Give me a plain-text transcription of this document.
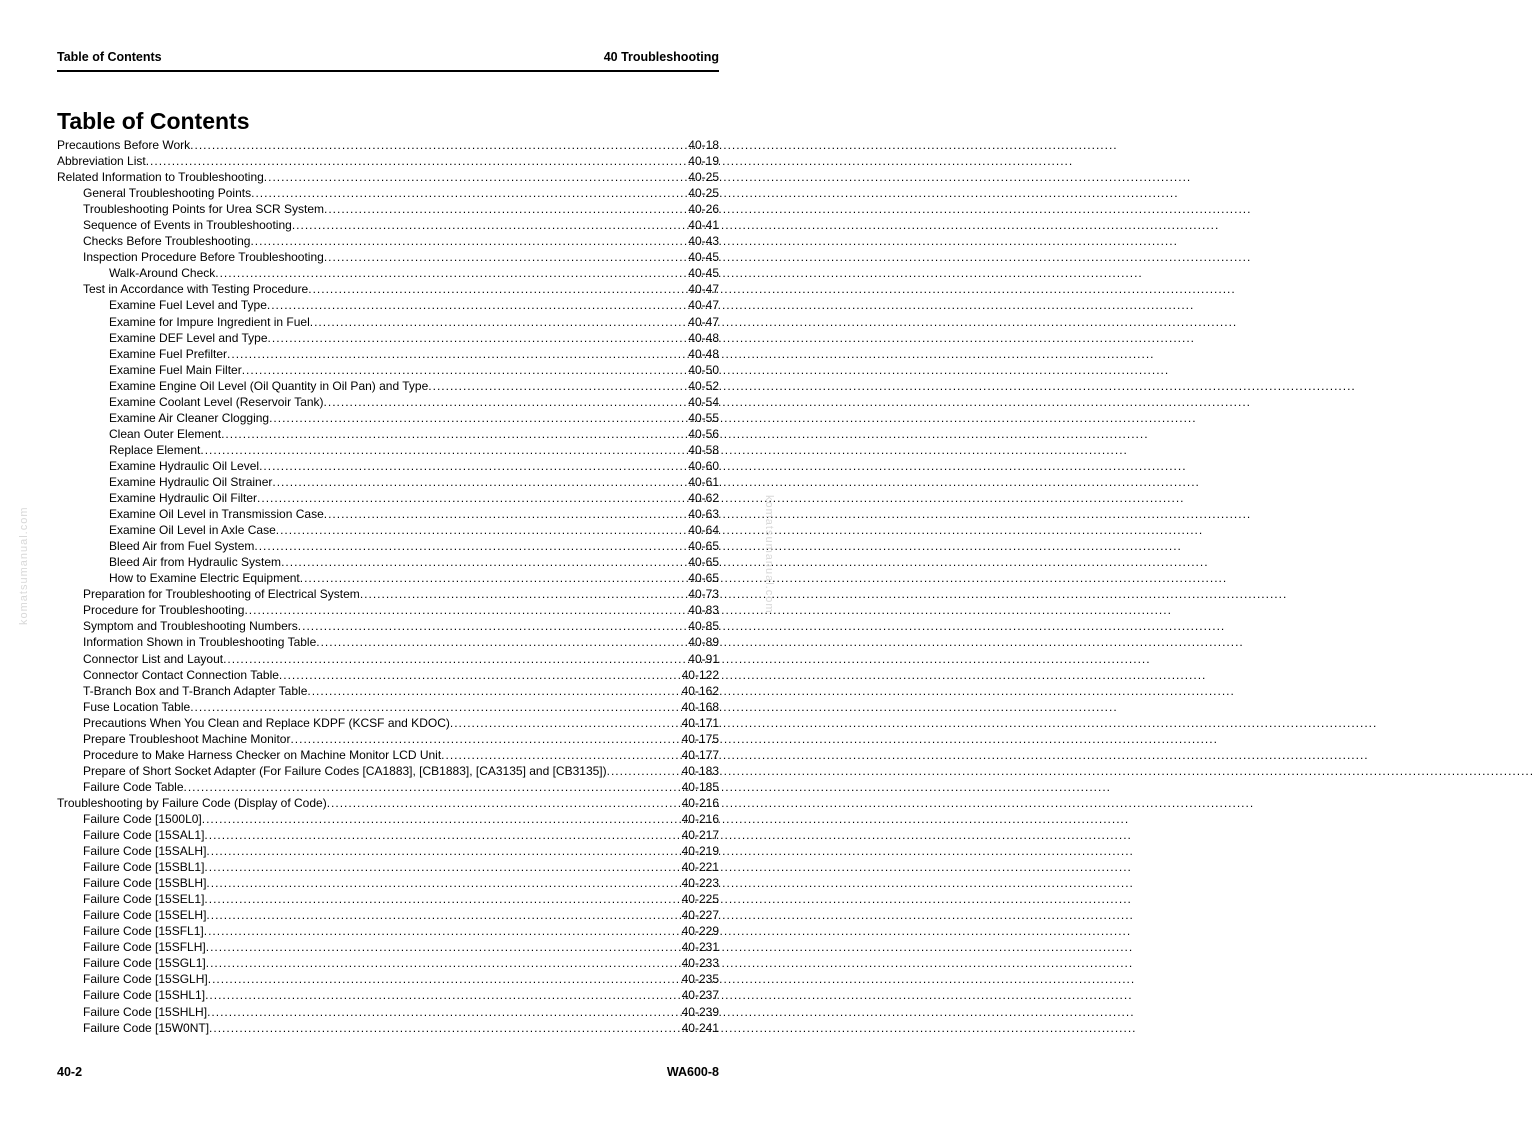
Table of Contents	40 Troubleshooting
Table of Contents
Precautions Before Work .....	40-18
Abbreviation List .....	40-19
Related Information to Troubleshooting .....	40-25
General Troubleshooting Points .....	40-25
Troubleshooting Points for Urea SCR System .....	40-26
Sequence of Events in Troubleshooting .....	40-41
Checks Before Troubleshooting .....	40-43
Inspection Procedure Before Troubleshooting .....	40-45
Walk-Around Check .....	40-45
Test in Accordance with Testing Procedure .....	40-47
Examine Fuel Level and Type .....	40-47
Examine for Impure Ingredient in Fuel .....	40-47
Examine DEF Level and Type .....	40-48
Examine Fuel Prefilter .....	40-48
Examine Fuel Main Filter .....	40-50
Examine Engine Oil Level (Oil Quantity in Oil Pan) and Type .....	40-52
Examine Coolant Level (Reservoir Tank) .....	40-54
Examine Air Cleaner Clogging .....	40-55
Clean Outer Element .....	40-56
Replace Element .....	40-58
Examine Hydraulic Oil Level .....	40-60
Examine Hydraulic Oil Strainer .....	40-61
Examine Hydraulic Oil Filter .....	40-62
Examine Oil Level in Transmission Case .....	40-63
Examine Oil Level in Axle Case .....	40-64
Bleed Air from Fuel System .....	40-65
Bleed Air from Hydraulic System .....	40-65
How to Examine Electric Equipment .....	40-65
Preparation for Troubleshooting of Electrical System .....	40-73
Procedure for Troubleshooting .....	40-83
Symptom and Troubleshooting Numbers .....	40-85
Information Shown in Troubleshooting Table .....	40-89
Connector List and Layout .....	40-91
Connector Contact Connection Table .....	40-122
T-Branch Box and T-Branch Adapter Table .....	40-162
Fuse Location Table .....	40-168
Precautions When You Clean and Replace KDPF (KCSF and KDOC) .....	40-171
Prepare Troubleshoot Machine Monitor .....	40-175
Procedure to Make Harness Checker on Machine Monitor LCD Unit .....	40-177
Prepare of Short Socket Adapter (For Failure Codes [CA1883], [CB1883], [CA3135] and [CB3135]) .....	40-183
Failure Code Table .....	40-185
Troubleshooting by Failure Code (Display of Code) .....	40-216
Failure Code [1500L0] .....	40-216
Failure Code [15SAL1] .....	40-217
Failure Code [15SALH] .....	40-219
Failure Code [15SBL1] .....	40-221
Failure Code [15SBLH] .....	40-223
Failure Code [15SEL1] .....	40-225
Failure Code [15SELH] .....	40-227
Failure Code [15SFL1] .....	40-229
Failure Code [15SFLH] .....	40-231
Failure Code [15SGL1] .....	40-233
Failure Code [15SGLH] .....	40-235
Failure Code [15SHL1] .....	40-237
Failure Code [15SHLH] .....	40-239
Failure Code [15W0NT] .....	40-241
komatsumanual.com	komatsumanual.com
40-2	WA600-8
